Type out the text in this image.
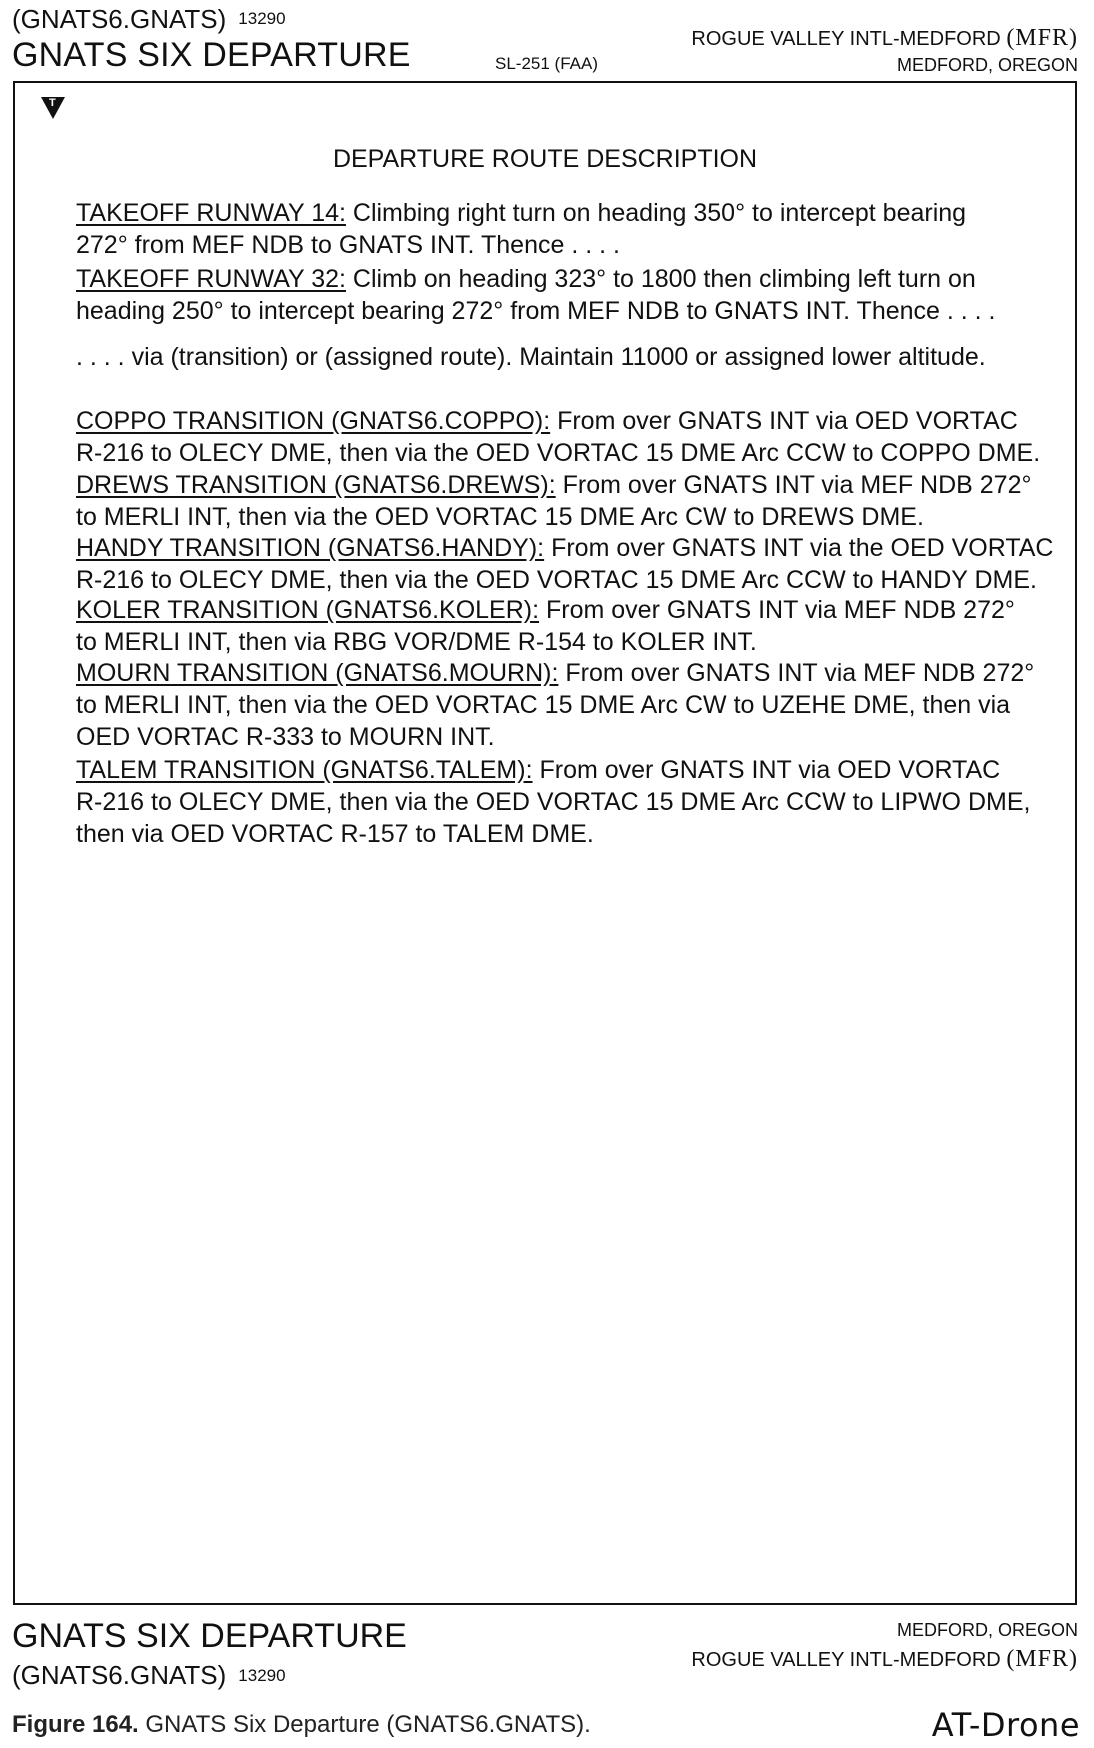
(GNATS6.GNATS) 13290
GNATS SIX DEPARTURE	SL-251 (FAA)
ROGUE VALLEY INTL-MEDFORD (MFR)
MEDFORD, OREGON
T
DEPARTURE ROUTE DESCRIPTION
TAKEOFF RUNWAY 14: Climbing right turn on heading 350° to intercept bearing
272° from MEF NDB to GNATS INT. Thence . . . .
TAKEOFF RUNWAY 32: Climb on heading 323° to 1800 then climbing left turn on
heading 250° to intercept bearing 272° from MEF NDB to GNATS INT. Thence . . . .
. . . . via (transition) or (assigned route). Maintain 11000 or assigned lower altitude.
COPPO TRANSITION (GNATS6.COPPO): From over GNATS INT via OED VORTAC
R-216 to OLECY DME, then via the OED VORTAC 15 DME Arc CCW to COPPO DME.
DREWS TRANSITION (GNATS6.DREWS): From over GNATS INT via MEF NDB 272°
to MERLI INT, then via the OED VORTAC 15 DME Arc CW to DREWS DME.
HANDY TRANSITION (GNATS6.HANDY): From over GNATS INT via the OED VORTAC
R-216 to OLECY DME, then via the OED VORTAC 15 DME Arc CCW to HANDY DME.
KOLER TRANSITION (GNATS6.KOLER): From over GNATS INT via MEF NDB 272°
to MERLI INT, then via RBG VOR/DME R-154 to KOLER INT.
MOURN TRANSITION (GNATS6.MOURN): From over GNATS INT via MEF NDB 272°
to MERLI INT, then via the OED VORTAC 15 DME Arc CW to UZEHE DME, then via
OED VORTAC R-333 to MOURN INT.
TALEM TRANSITION (GNATS6.TALEM): From over GNATS INT via OED VORTAC
R-216 to OLECY DME, then via the OED VORTAC 15 DME Arc CCW to LIPWO DME,
then via OED VORTAC R-157 to TALEM DME.
GNATS SIX DEPARTURE
(GNATS6.GNATS) 13290
MEDFORD, OREGON
ROGUE VALLEY INTL-MEDFORD (MFR)
Figure 164. GNATS Six Departure (GNATS6.GNATS).	AT-Drone
